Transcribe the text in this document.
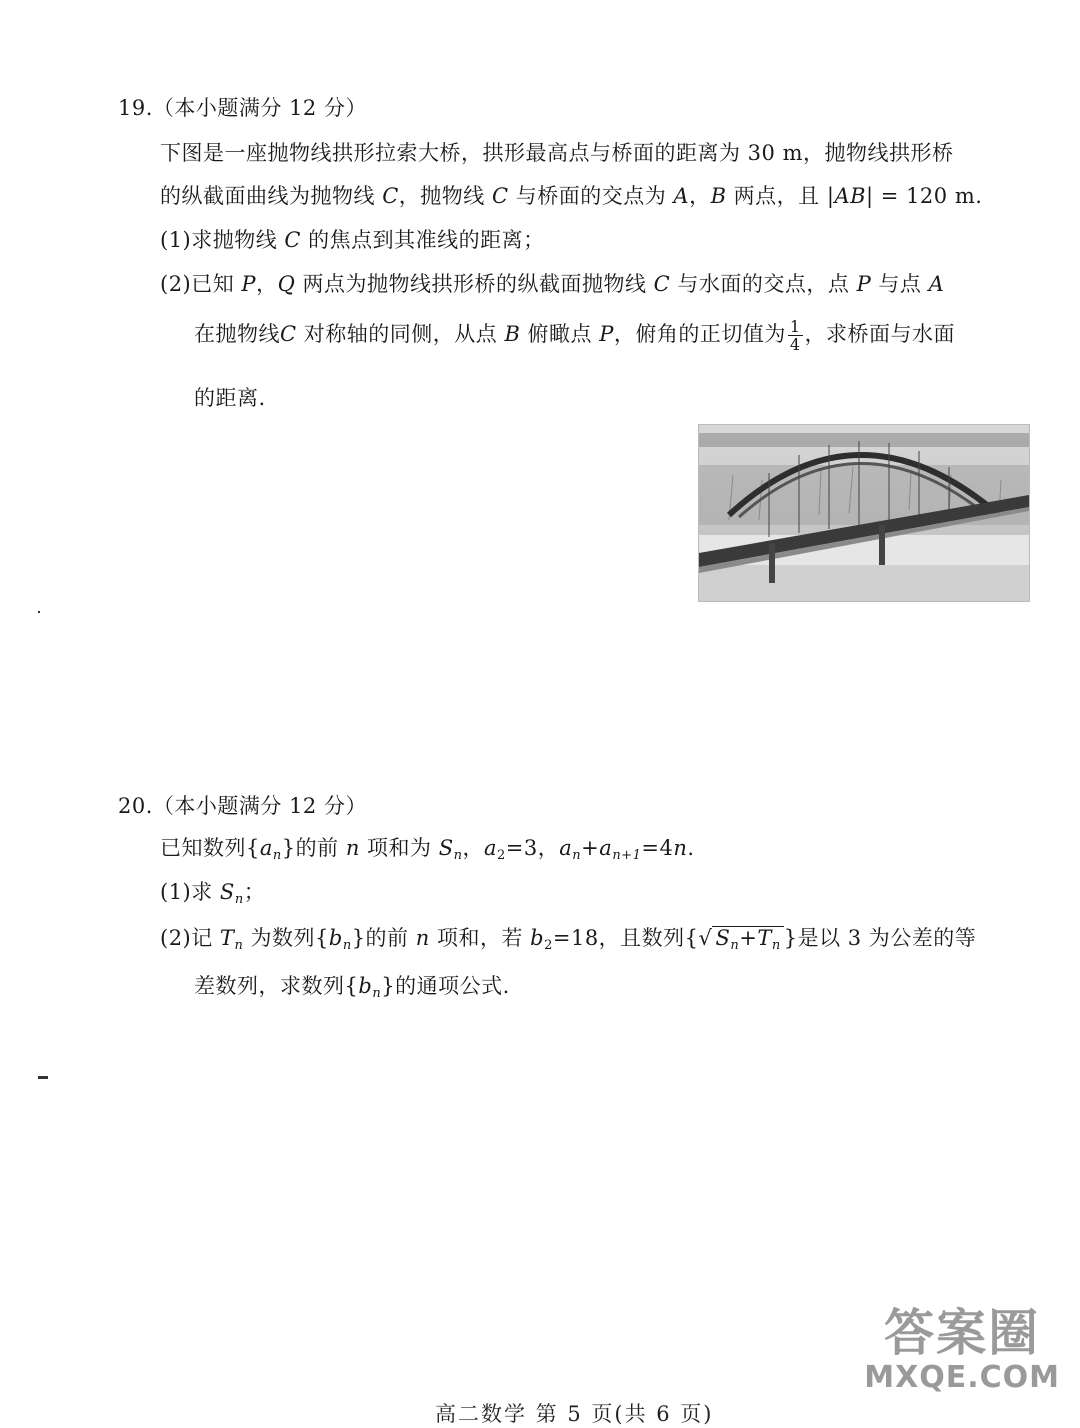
19.（本小题满分 12 分）
下图是一座抛物线拱形拉索大桥，拱形最高点与桥面的距离为 30 m，抛物线拱形桥
的纵截面曲线为抛物线 C，抛物线 C 与桥面的交点为 A，B 两点，且 |AB| = 120 m.
(1)求抛物线 C 的焦点到其准线的距离；
(2)已知 P，Q 两点为抛物线拱形桥的纵截面抛物线 C 与水面的交点，点 P 与点 A
在抛物线C 对称轴的同侧，从点 B 俯瞰点 P，俯角的正切值为 $\frac{1}{4}$ ，求桥面与水面
的距离.
20.（本小题满分 12 分）
已知数列$\{a_n\}$的前 n 项和为 $S_n$，$a_2=3$，$a_n+a_{n+1}=4n$.
(1)求 $S_n$；
(2)记 $T_n$ 为数列$\{b_n\}$的前 n 项和，若 $b_2=18$，且数列{√ $S_n+T_n$ }是以 3 为公差的等
差数列，求数列$\{b_n\}$的通项公式.
答案圈
MXQE.COM
高二数学 第 5 页(共 6 页)
